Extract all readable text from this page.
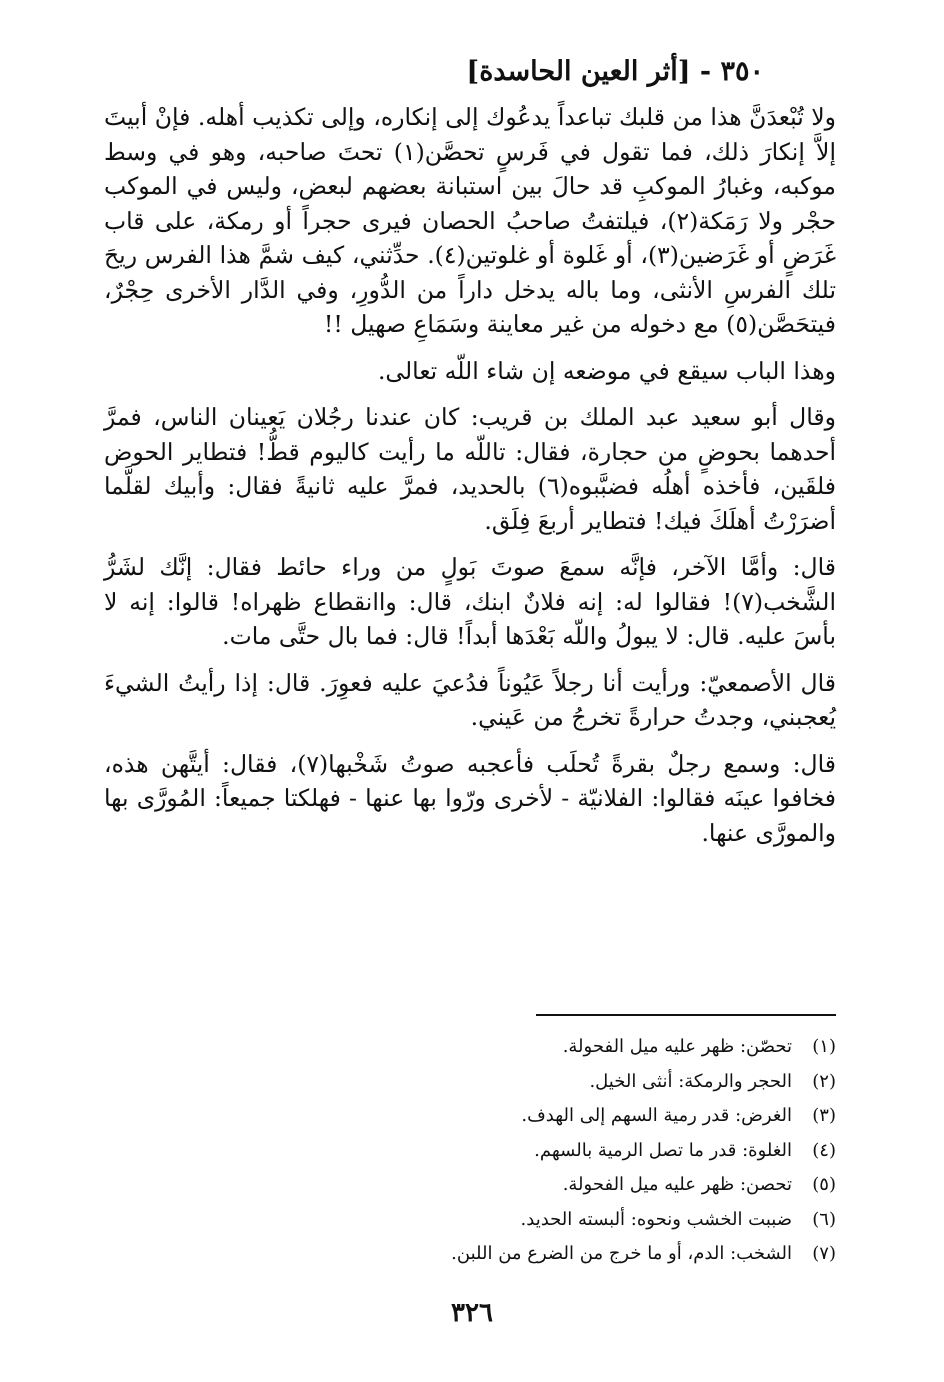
٣٥٠ - [أثر العين الحاسدة]

ولا تُبْعدَنَّ هذا من قلبك تباعداً يدعُوك إلى إنكاره، وإلى تكذيب أهله. فإنْ أبيتَ إلاَّ إنكارَ ذلك، فما تقول في فَرسٍ تحصَّن(١) تحتَ صاحبه، وهو في وسط موكبه، وغبارُ الموكبِ قد حالَ بين استبانة بعضهم لبعض، وليس في الموكب حجْر ولا رَمَكة(٢)، فيلتفتُ صاحبُ الحصان فيرى حجراً أو رمكة، على قاب غَرَضٍ أو غَرَضين(٣)، أو غَلوة أو غلوتين(٤). حدِّثني، كيف شمَّ هذا الفرس ريحَ تلك الفرسِ الأنثى، وما باله يدخل داراً من الدُّورِ، وفي الدَّار الأخرى حِجْرٌ، فيتحَصَّن(٥) مع دخوله من غير معاينة وسَمَاعِ صهيل !!

وهذا الباب سيقع في موضعه إن شاء اللّه تعالى.

وقال أبو سعيد عبد الملك بن قريب: كان عندنا رجُلان يَعينان الناس، فمرَّ أحدهما بحوضٍ من حجارة، فقال: تاللّه ما رأيت كاليوم قطُّ! فتطاير الحوض فلقَين، فأخذه أهلُه فضبَّبوه(٦) بالحديد، فمرَّ عليه ثانيةً فقال: وأبيك لقلَّما أضرَرْتُ أهلَكَ فيك! فتطاير أربعَ فِلَق.

قال: وأمَّا الآخر، فإنَّه سمعَ صوتَ بَولٍ من وراء حائط فقال: إنَّك لشَرُّ الشَّخب(٧)! فقالوا له: إنه فلانٌ ابنك، قال: واانقطاع ظهراه! قالوا: إنه لا بأسَ عليه. قال: لا يبولُ واللّه بَعْدَها أبداً! قال: فما بال حتَّى مات.

قال الأصمعيّ: ورأيت أنا رجلاً عَيُوناً فدُعيَ عليه فعوِرَ. قال: إذا رأيتُ الشيءَ يُعجبني، وجدتُ حرارةً تخرجُ من عَيني.

قال: وسمع رجلٌ بقرةً تُحلَب فأعجبه صوتُ شَخْبها(٧)، فقال: أيتَّهن هذه، فخافوا عينَه فقالوا: الفلانيّة - لأخرى ورّوا بها عنها - فهلكتا جميعاً: المُورَّى بها والمورَّى عنها.

(١)تحصّن: ظهر عليه ميل الفحولة.
(٢)الحجر والرمكة: أنثى الخيل.
(٣)الغرض: قدر رمية السهم إلى الهدف.
(٤)الغلوة: قدر ما تصل الرمية بالسهم.
(٥)تحصن: ظهر عليه ميل الفحولة.
(٦)ضببت الخشب ونحوه: ألبسته الحديد.
(٧)الشخب: الدم، أو ما خرج من الضرع من اللبن.
٣٢٦
